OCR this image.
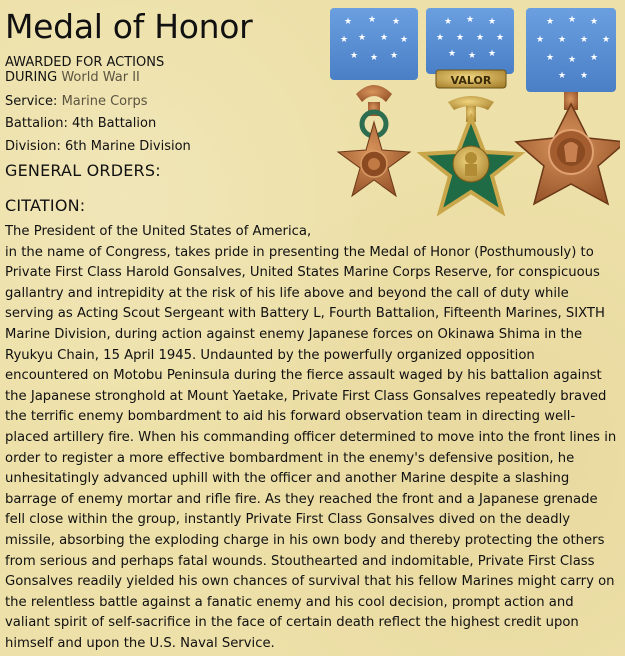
Medal of Honor
AWARDED FOR ACTIONS
DURING World War II
Service: Marine Corps
Battalion: 4th Battalion
Division: 6th Marine Division
GENERAL ORDERS:
CITATION:

The President of the United States of America, in the name of Congress, takes pride in presenting the Medal of Honor (Posthumously) to Private First Class Harold Gonsalves, United States Marine Corps Reserve, for conspicuous gallantry and intrepidity at the risk of his life above and beyond the call of duty while serving as Acting Scout Sergeant with Battery L, Fourth Battalion, Fifteenth Marines, SIXTH Marine Division, during action against enemy Japanese forces on Okinawa Shima in the Ryukyu Chain, 15 April 1945. Undaunted by the powerfully organized opposition encountered on Motobu Peninsula during the fierce assault waged by his battalion against the Japanese stronghold at Mount Yaetake, Private First Class Gonsalves repeatedly braved the terrific enemy bombardment to aid his forward observation team in directing well-placed artillery fire. When his commanding officer determined to move into the front lines in order to register a more effective bombardment in the enemy's defensive position, he unhesitatingly advanced uphill with the officer and another Marine despite a slashing barrage of enemy mortar and rifle fire. As they reached the front and a Japanese grenade fell close within the group, instantly Private First Class Gonsalves dived on the deadly missile, absorbing the exploding charge in his own body and thereby protecting the others from serious and perhaps fatal wounds. Stouthearted and indomitable, Private First Class Gonsalves readily yielded his own chances of survival that his fellow Marines might carry on the relentless battle against a fanatic enemy and his cool decision, prompt action and valiant spirit of self-sacrifice in the face of certain death reflect the highest credit upon himself and upon the U.S. Naval Service.

★ ★ ★
★ ★ ★ ★
★ ★ ★
★ ★ ★
★ ★ ★ ★
★ ★ ★
★ ★ ★
★ ★ ★ ★
★ ★ ★
★ ★
VALOR
